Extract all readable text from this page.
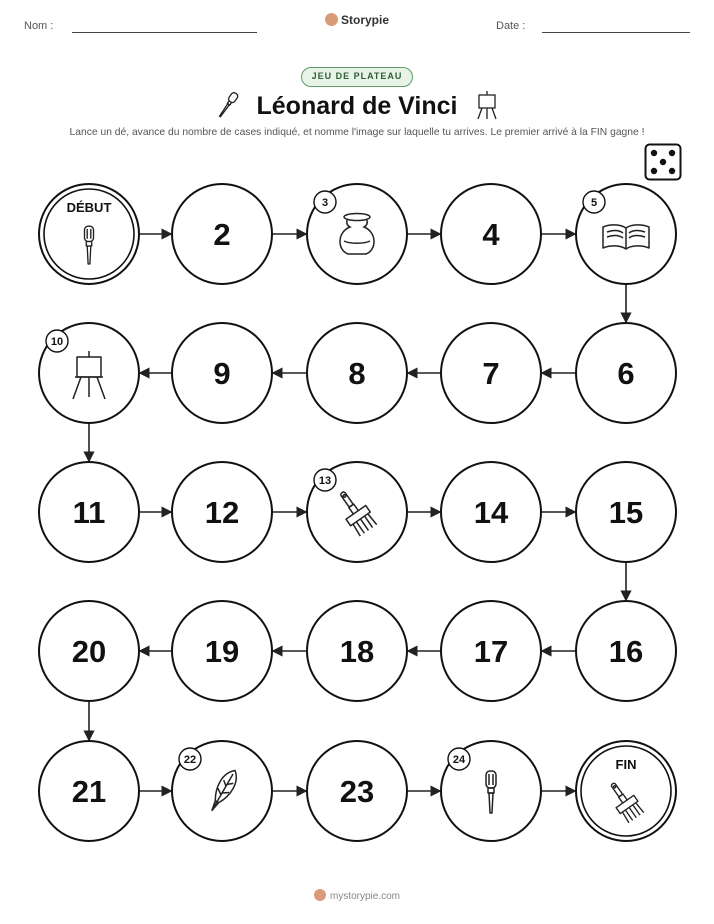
Nom :	Storypie	Date :
JEU DE PLATEAU
Léonard de Vinci
Lance un dé, avance du nombre de cases indiqué, et nomme l'image sur laquelle tu arrives. Le premier arrivé à la FIN gagne !
DÉBUT
2
3
4
5
6
7
8
9
10
11	12
13
14	15
16
17
18
19
20
21
22
23
24	FIN
mystorypie.com
